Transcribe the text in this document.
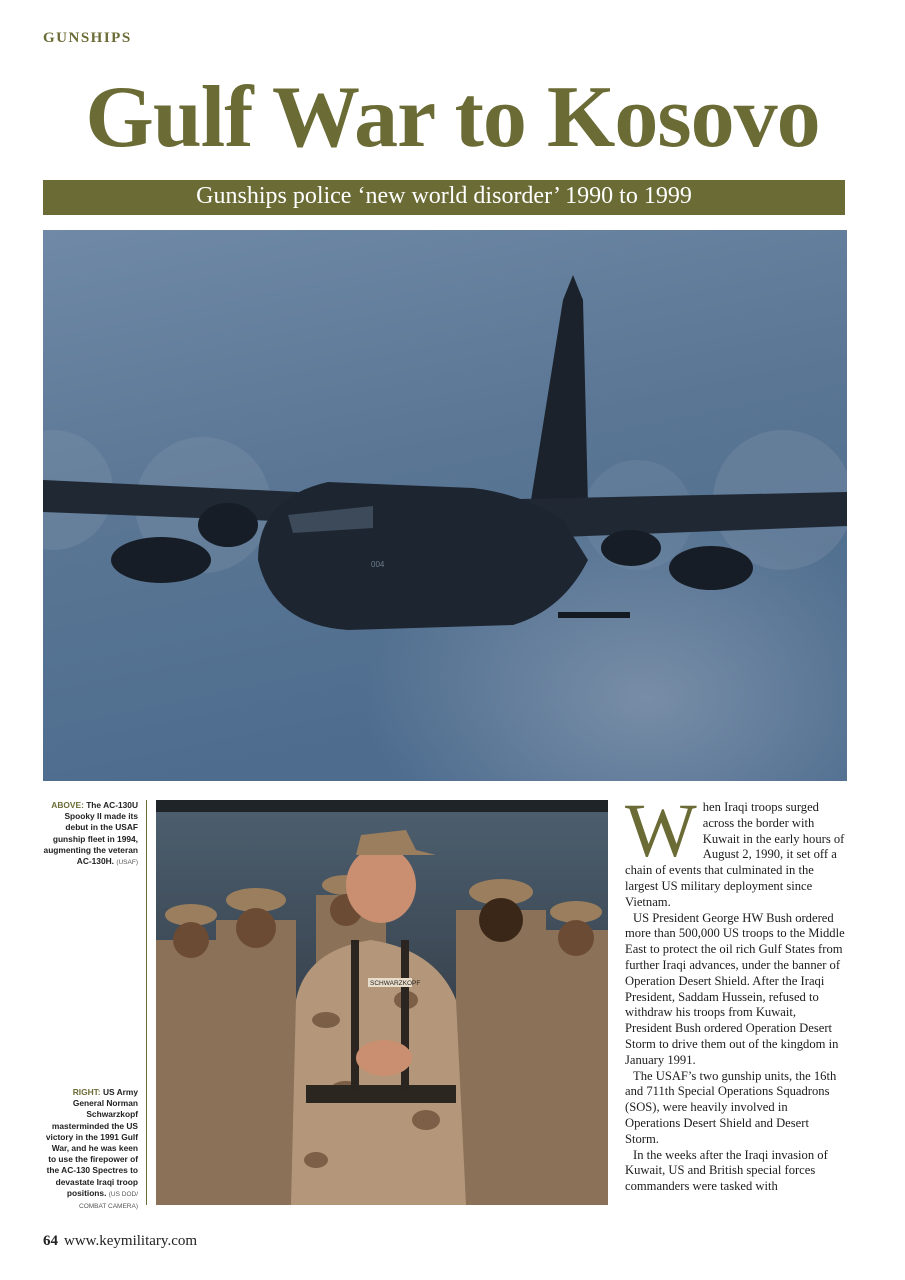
GUNSHIPS
Gulf War to Kosovo
Gunships police ‘new world disorder’ 1990 to 1999
004
ABOVE: The AC-130U Spooky II made its debut in the USAF gunship fleet in 1994, augmenting the veteran AC-130H. (USAF)
RIGHT: US Army General Norman Schwarzkopf masterminded the US victory in the 1991 Gulf War, and he was keen to use the firepower of the AC-130 Spectres to devastate Iraqi troop positions. (US DOD/ COMBAT CAMERA)
SCHWARZKOPF
W hen Iraqi troops surged across the border with Kuwait in the early hours of August 2, 1990, it set off a chain of events that culminated in the largest US military deployment since Vietnam.

US President George HW Bush ordered more than 500,000 US troops to the Middle East to protect the oil rich Gulf States from further Iraqi advances, under the banner of Operation Desert Shield. After the Iraqi President, Saddam Hussein, refused to withdraw his troops from Kuwait, President Bush ordered Operation Desert Storm to drive them out of the kingdom in January 1991.

The USAF’s two gunship units, the 16th and 711th Special Operations Squadrons (SOS), were heavily involved in Operations Desert Shield and Desert Storm.

In the weeks after the Iraqi invasion of Kuwait, US and British special forces commanders were tasked with

64 www.keymilitary.com
